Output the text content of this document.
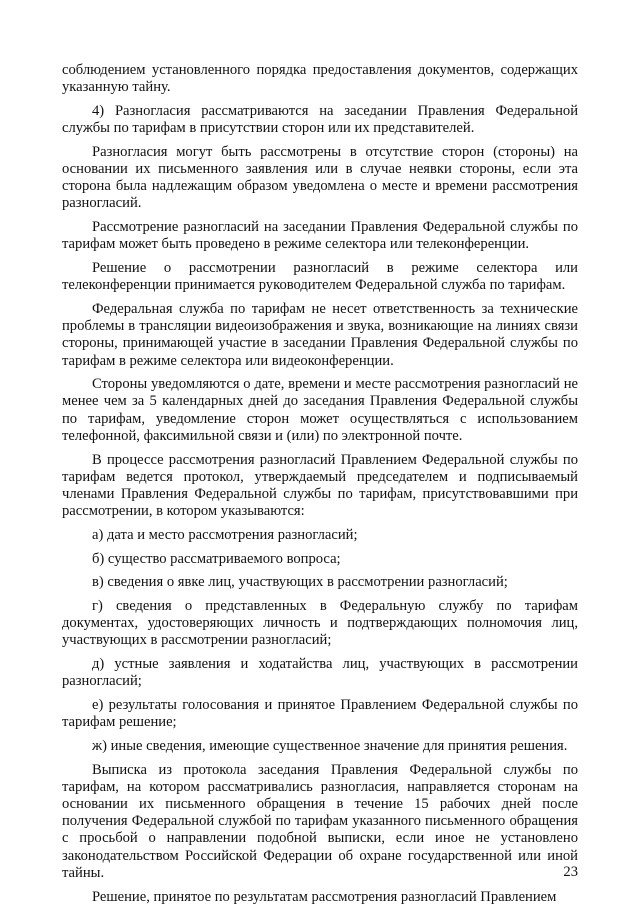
соблюдением установленного порядка предоставления документов, содержащих указанную тайну.

4) Разногласия рассматриваются на заседании Правления Федеральной службы по тарифам в присутствии сторон или их представителей.

Разногласия могут быть рассмотрены в отсутствие сторон (стороны) на основании их письменного заявления или в случае неявки стороны, если эта сторона была надлежащим образом уведомлена о месте и времени рассмотрения разногласий.

Рассмотрение разногласий на заседании Правления Федеральной службы по тарифам может быть проведено в режиме селектора или телеконференции.

Решение о рассмотрении разногласий в режиме селектора или телеконференции принимается руководителем Федеральной служба по тарифам.

Федеральная служба по тарифам не несет ответственность за технические проблемы в трансляции видеоизображения и звука, возникающие на линиях связи стороны, принимающей участие в заседании Правления Федеральной службы по тарифам в режиме селектора или видеоконференции.

Стороны уведомляются о дате, времени и месте рассмотрения разногласий не менее чем за 5 календарных дней до заседания Правления Федеральной службы по тарифам, уведомление сторон может осуществляться с использованием телефонной, факсимильной связи и (или) по электронной почте.

В процессе рассмотрения разногласий Правлением Федеральной службы по тарифам ведется протокол, утверждаемый председателем и подписываемый членами Правления Федеральной службы по тарифам, присутствовавшими при рассмотрении, в котором указываются:

а) дата и место рассмотрения разногласий;

б) существо рассматриваемого вопроса;

в) сведения о явке лиц, участвующих в рассмотрении разногласий;

г) сведения о представленных в Федеральную службу по тарифам документах, удостоверяющих личность и подтверждающих полномочия лиц, участвующих в рассмотрении разногласий;

д) устные заявления и ходатайства лиц, участвующих в рассмотрении разногласий;

е) результаты голосования и принятое Правлением Федеральной службы по тарифам решение;

ж) иные сведения, имеющие существенное значение для принятия решения.

Выписка из протокола заседания Правления Федеральной службы по тарифам, на котором рассматривались разногласия, направляется сторонам на основании их письменного обращения в течение 15 рабочих дней после получения Федеральной службой по тарифам указанного письменного обращения с просьбой о направлении подобной выписки, если иное не установлено законодательством Российской Федерации об охране государственной или иной тайны.

Решение, принятое по результатам рассмотрения разногласий Правлением

23
